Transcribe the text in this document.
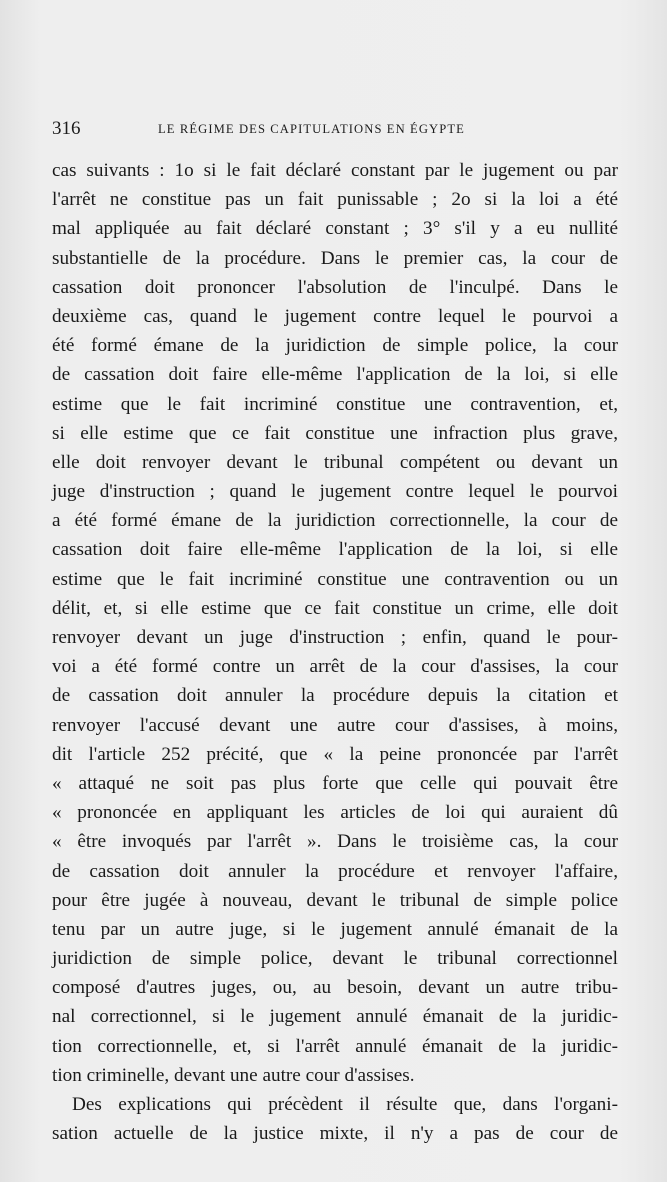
316	LE RÉGIME DES CAPITULATIONS EN ÉGYPTE
cas suivants : 1o si le fait déclaré constant par le jugement ou par
l'arrêt ne constitue pas un fait punissable ; 2o si la loi a été
mal appliquée au fait déclaré constant ; 3° s'il y a eu nullité
substantielle de la procédure. Dans le premier cas, la cour de
cassation doit prononcer l'absolution de l'inculpé. Dans le
deuxième cas, quand le jugement contre lequel le pourvoi a
été formé émane de la juridiction de simple police, la cour
de cassation doit faire elle-même l'application de la loi, si elle
estime que le fait incriminé constitue une contravention, et,
si elle estime que ce fait constitue une infraction plus grave,
elle doit renvoyer devant le tribunal compétent ou devant un
juge d'instruction ; quand le jugement contre lequel le pourvoi
a été formé émane de la juridiction correctionnelle, la cour de
cassation doit faire elle-même l'application de la loi, si elle
estime que le fait incriminé constitue une contravention ou un
délit, et, si elle estime que ce fait constitue un crime, elle doit
renvoyer devant un juge d'instruction ; enfin, quand le pour-
voi a été formé contre un arrêt de la cour d'assises, la cour
de cassation doit annuler la procédure depuis la citation et
renvoyer l'accusé devant une autre cour d'assises, à moins,
dit l'article 252 précité, que « la peine prononcée par l'arrêt
« attaqué ne soit pas plus forte que celle qui pouvait être
« prononcée en appliquant les articles de loi qui auraient dû
« être invoqués par l'arrêt ». Dans le troisième cas, la cour
de cassation doit annuler la procédure et renvoyer l'affaire,
pour être jugée à nouveau, devant le tribunal de simple police
tenu par un autre juge, si le jugement annulé émanait de la
juridiction de simple police, devant le tribunal correctionnel
composé d'autres juges, ou, au besoin, devant un autre tribu-
nal correctionnel, si le jugement annulé émanait de la juridic-
tion correctionnelle, et, si l'arrêt annulé émanait de la juridic-
tion criminelle, devant une autre cour d'assises.
Des explications qui précèdent il résulte que, dans l'organi-
sation actuelle de la justice mixte, il n'y a pas de cour de
